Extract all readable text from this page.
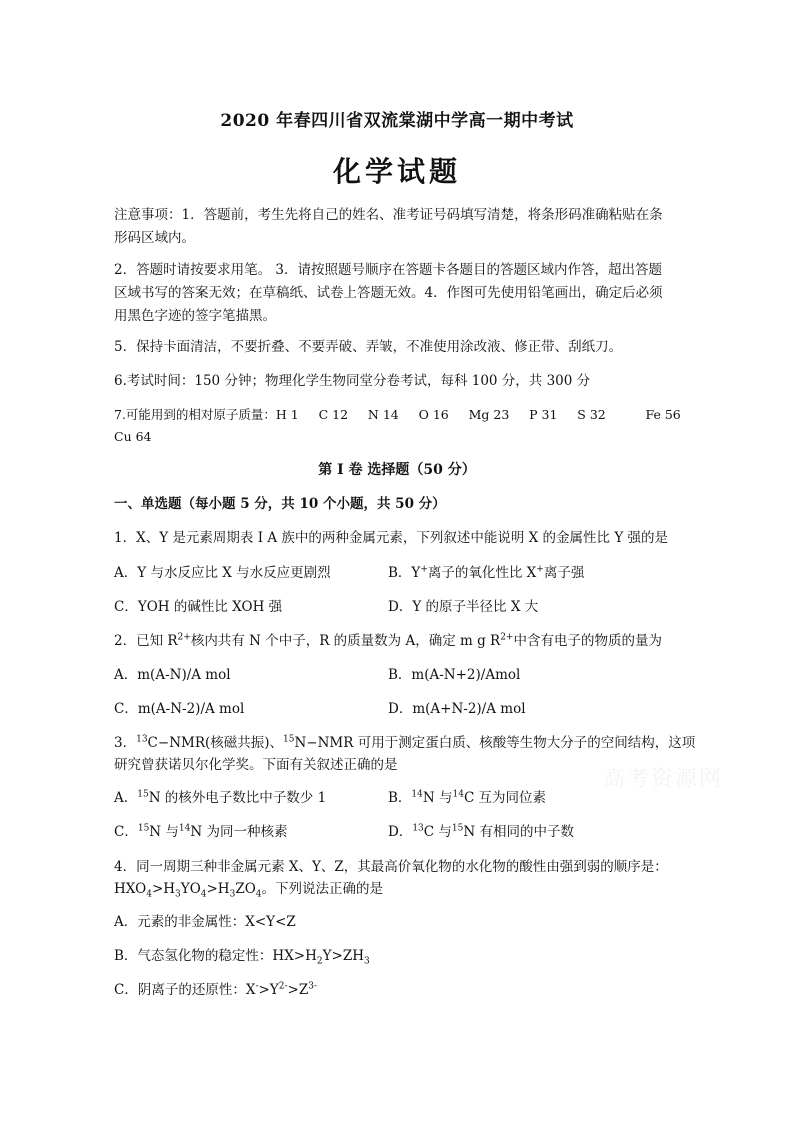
2020 年春四川省双流棠湖中学高一期中考试
化学试题
注意事项：1．答题前，考生先将自己的姓名、准考证号码填写清楚，将条形码准确粘贴在条
形码区域内。
2．答题时请按要求用笔。 3．请按照题号顺序在答题卡各题目的答题区域内作答，超出答题
区域书写的答案无效；在草稿纸、试卷上答题无效。4．作图可先使用铅笔画出，确定后必须
用黑色字迹的签字笔描黑。
5．保持卡面清洁，不要折叠、不要弄破、弄皱，不准使用涂改液、修正带、刮纸刀。
6.考试时间：150 分钟；物理化学生物同堂分卷考试，每科 100 分，共 300 分
7.可能用到的相对原子质量：H 1     C 12     N 14     O 16     Mg 23     P 31     S 32          Fe 56
Cu 64
第 I 卷 选择题（50 分）
一、单选题（每小题 5 分，共 10 个小题，共 50 分）
1．X、Y 是元素周期表 I A 族中的两种金属元素，下列叙述中能说明 X 的金属性比 Y 强的是
A．Y 与水反应比 X 与水反应更剧烈	B．Y+离子的氧化性比 X+离子强
C．YOH 的碱性比 XOH 强	D．Y 的原子半径比 X 大
2．已知 $R^{2+}$核内共有 N 个中子，R 的质量数为 A，确定 m g $R^{2+}$中含有电子的物质的量为
A．m(A-N)/A mol	B．m(A-N+2)/Amol
C．m(A-N-2)/A mol	D．m(A+N-2)/A mol
3．$^{13}$C−NMR(核磁共振)、$^{15}$N−NMR 可用于测定蛋白质、核酸等生物大分子的空间结构，这项
研究曾获诺贝尔化学奖。下面有关叙述正确的是
A．$^{15}$N 的核外电子数比中子数少 1	B．$^{14}$N 与$^{14}$C 互为同位素
C．$^{15}$N 与$^{14}$N 为同一种核素	D．$^{13}$C 与$^{15}$N 有相同的中子数
高考资源网
4．同一周期三种非金属元素 X、Y、Z，其最高价氧化物的水化物的酸性由强到弱的顺序是：
$HXO_4>H_3YO_4>H_3ZO_4$。下列说法正确的是
A．元素的非金属性：X<Y<Z
B．气态氢化物的稳定性：$HX>H_2Y>ZH_3$
C．阴离子的还原性：$X^->Y^{2-}>Z^{3-}$
